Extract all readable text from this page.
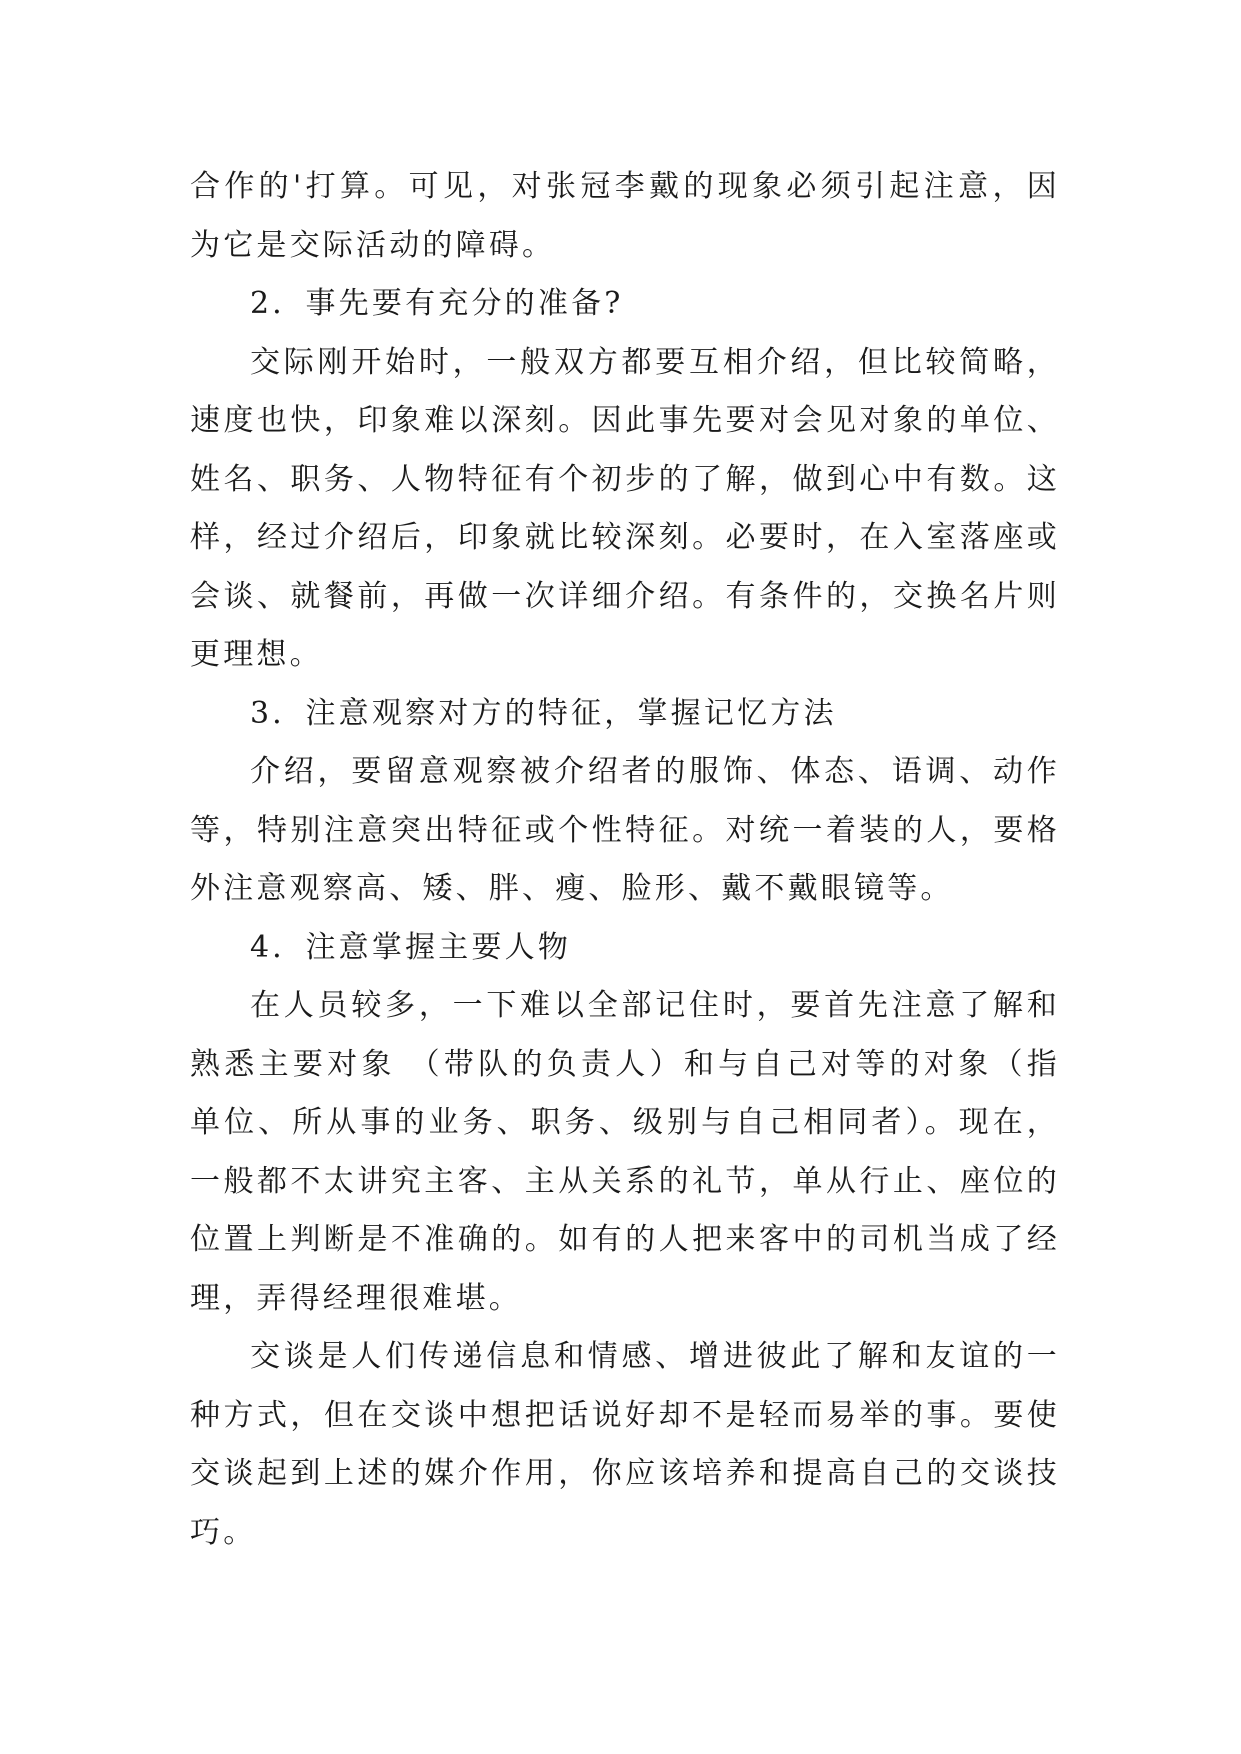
合作的'打算。可见，对张冠李戴的现象必须引起注意，因为它是交际活动的障碍。

2．事先要有充分的准备?

交际刚开始时，一般双方都要互相介绍，但比较简略，速度也快，印象难以深刻。因此事先要对会见对象的单位、姓名、职务、人物特征有个初步的了解，做到心中有数。这样，经过介绍后，印象就比较深刻。必要时，在入室落座或会谈、就餐前，再做一次详细介绍。有条件的，交换名片则更理想。

3．注意观察对方的特征，掌握记忆方法

介绍，要留意观察被介绍者的服饰、体态、语调、动作等，特别注意突出特征或个性特征。对统一着装的人，要格外注意观察高、矮、胖、瘦、脸形、戴不戴眼镜等。

4．注意掌握主要人物

在人员较多，一下难以全部记住时，要首先注意了解和熟悉主要对象 （带队的负责人）和与自己对等的对象（指单位、所从事的业务、职务、级别与自己相同者）。现在，一般都不太讲究主客、主从关系的礼节，单从行止、座位的位置上判断是不准确的。如有的人把来客中的司机当成了经理，弄得经理很难堪。

交谈是人们传递信息和情感、增进彼此了解和友谊的一种方式，但在交谈中想把话说好却不是轻而易举的事。要使交谈起到上述的媒介作用，你应该培养和提高自己的交谈技巧。
